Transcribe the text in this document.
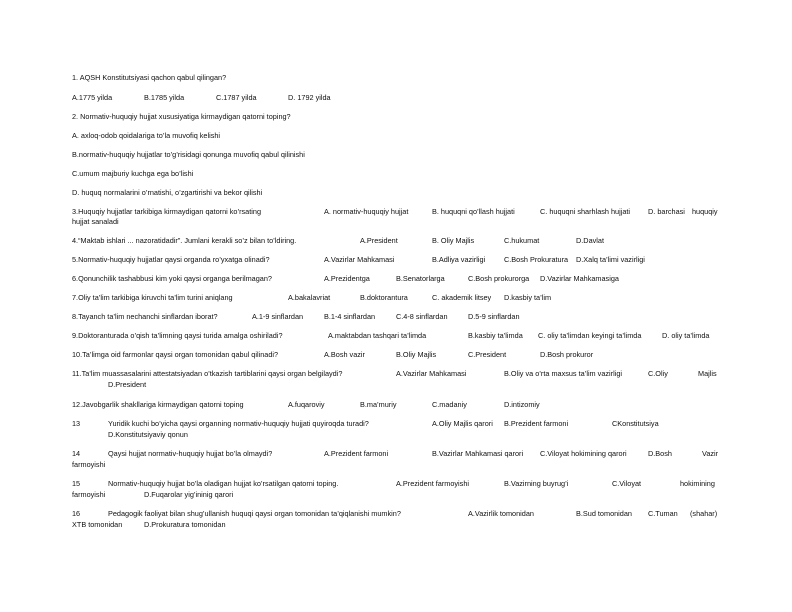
1. AQSH Konstitutsiyasi qachon qabul qilingan?
A.1775 yilda	B.1785 yilda	C.1787 yilda	D. 1792 yilda
2. Normativ-huquqiy hujjat xususiyatiga kirmaydigan qatorni toping?
A. axloq-odob qoidalariga to’la muvofiq kelishi
B.normativ-huquqiy hujjatlar to’g’risidagi qonunga muvofiq qabul qilinishi
C.umum majburiy kuchga ega bo’lishi
D. huquq normalarini o’rnatishi, o’zgartirishi va bekor qilishi
3.Huquqiy hujjatlar tarkibiga kirmaydigan qatorni ko’rsating	A. normativ-huquqiy hujjat	B. huquqni qo’llash hujjati	C. huquqni sharhlash hujjati D. barchasi huquqiy
hujjat sanaladi
4.“Maktab ishlari ... nazoratidadir”. Jumlani kerakli so’z bilan to’ldiring.	A.President	B. Oliy Majlis	C.hukumat	D.Davlat
5.Normativ-huquqiy hujjatlar qaysi organda ro’yxatga olinadi?	A.Vazirlar Mahkamasi	B.Adliya vazirligi	C.Bosh Prokuratura D.Xalq ta’limi vazirligi
6.Qonunchilik tashabbusi kim yoki qaysi organga berilmagan?	A.Prezidentga	B.Senatorlarga	C.Bosh prokurorga D.Vazirlar Mahkamasiga
7.Oliy ta’lim tarkibiga kiruvchi ta’lim turini aniqlang	A.bakalavriat	B.doktorantura	C. akademik litsey D.kasbiy ta’lim
8.Tayanch ta’lim nechanchi sinflardan iborat?	A.1-9 sinflardan	B.1-4 sinflardan	C.4-8 sinflardan	D.5-9 sinflardan
9.Doktoranturada o’qish ta’limning qaysi turida amalga oshiriladi?	A.maktabdan tashqari ta’limda	B.kasbiy ta’limda C. oliy ta’limdan keyingi ta’limda	D. oliy ta’limda
10.Ta’limga oid farmonlar qaysi organ tomonidan qabul qilinadi?	A.Bosh vazir	B.Oliy Majlis	C.President	D.Bosh prokuror
11.Ta’lim muassasalarini attestatsiyadan o’tkazish tartiblarini qaysi organ belgilaydi?	A.Vazirlar Mahkamasi	B.Oliy va o’rta maxsus ta’lim vazirligi	C.Oliy	Majlis
D.President
12.Javobgarlik shakllariga kirmaydigan qatorni toping	A.fuqaroviy	B.ma’muriy	C.madaniy	D.intizomiy
13	Yuridik kuchi bo’yicha qaysi organning normativ-huquqiy hujjati quyiroqda turadi?	A.Oliy Majlis qarori B.Prezident farmoni	CKonstitutsiya
D.Konstitutsiyaviy qonun
14	Qaysi hujjat normativ-huquqiy hujjat bo’la olmaydi?	A.Prezident farmoni	B.Vazirlar Mahkamasi qarori C.Viloyat hokimining qarori	D.Bosh	Vazir
farmoyishi
15	Normativ-huquqiy hujjat bo’la oladigan hujjat ko’rsatilgan qatorni toping.	A.Prezident farmoyishi	B.Vazirning buyrug’i	C.Viloyat	hokimining
farmoyishi	D.Fuqarolar yig’ininig qarori
16	Pedagogik faoliyat bilan shug’ullanish huquqi qaysi organ tomonidan ta’qiqlanishi mumkin?	A.Vazirlik tomonidan	B.Sud tomonidan C.Tuman (shahar)
XTB tomonidan	D.Prokuratura tomonidan
